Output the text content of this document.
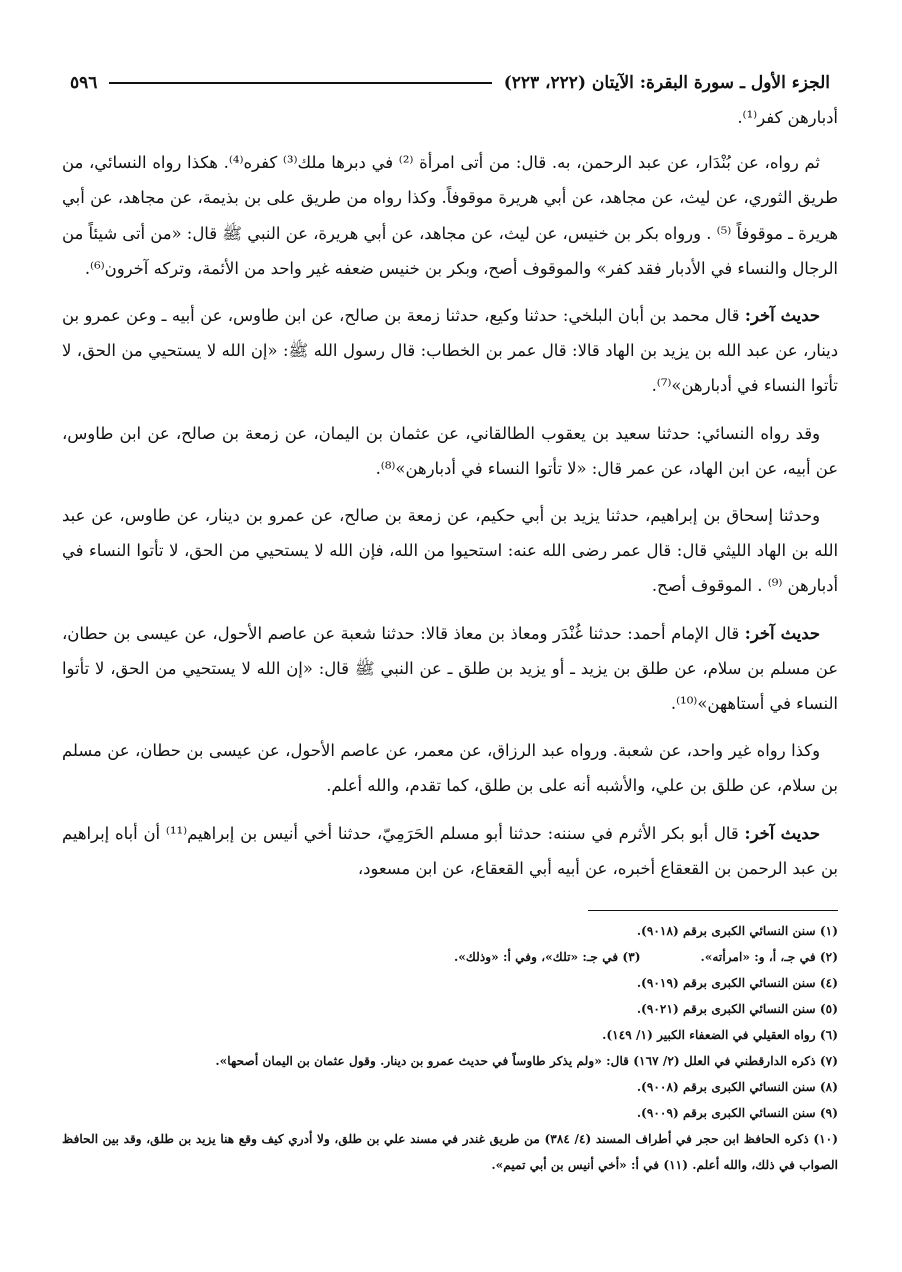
٥٩٦	الجزء الأول ـ سورة البقرة: الآيتان (٢٢٢، ٢٢٣)

أدبارهن كفر⁽¹⁾.

ثم رواه، عن بُنْدَار، عن عبد الرحمن، به. قال: من أتى امرأة ⁽²⁾ في دبرها ملك⁽³⁾ كفره⁽⁴⁾. هكذا رواه النسائي، من طريق الثوري، عن ليث، عن مجاهد، عن أبي هريرة موقوفاً. وكذا رواه من طريق على بن بذيمة، عن مجاهد، عن أبي هريرة ـ موقوفاً ⁽⁵⁾ . ورواه بكر بن خنيس، عن ليث، عن مجاهد، عن أبي هريرة، عن النبي ﷺ قال: «من أتى شيئاً من الرجال والنساء في الأدبار فقد كفر» والموقوف أصح، وبكر بن خنيس ضعفه غير واحد من الأئمة، وتركه آخرون⁽⁶⁾.

حديث آخر: قال محمد بن أبان البلخي: حدثنا وكيع، حدثنا زمعة بن صالح، عن ابن طاوس، عن أبيه ـ وعن عمرو بن دينار، عن عبد الله بن يزيد بن الهاد قالا: قال عمر بن الخطاب: قال رسول الله ﷺ: «إن الله لا يستحيي من الحق، لا تأتوا النساء في أدبارهن»⁽⁷⁾.

وقد رواه النسائي: حدثنا سعيد بن يعقوب الطالقاني، عن عثمان بن اليمان، عن زمعة بن صالح، عن ابن طاوس، عن أبيه، عن ابن الهاد، عن عمر قال: «لا تأتوا النساء في أدبارهن»⁽⁸⁾.

وحدثنا إسحاق بن إبراهيم، حدثنا يزيد بن أبي حكيم، عن زمعة بن صالح، عن عمرو بن دينار، عن طاوس، عن عبد الله بن الهاد الليثي قال: قال عمر رضى الله عنه: استحيوا من الله، فإن الله لا يستحيي من الحق، لا تأتوا النساء في أدبارهن ⁽⁹⁾ . الموقوف أصح.

حديث آخر: قال الإمام أحمد: حدثنا غُنْدَر ومعاذ بن معاذ قالا: حدثنا شعبة عن عاصم الأحول، عن عيسى بن حطان، عن مسلم بن سلام، عن طلق بن يزيد ـ أو يزيد بن طلق ـ عن النبي ﷺ قال: «إن الله لا يستحيي من الحق، لا تأتوا النساء في أستاههن»⁽¹⁰⁾.

وكذا رواه غير واحد، عن شعبة. ورواه عبد الرزاق، عن معمر، عن عاصم الأحول، عن عيسى بن حطان، عن مسلم بن سلام، عن طلق بن علي، والأشبه أنه على بن طلق، كما تقدم، والله أعلم.

حديث آخر: قال أبو بكر الأثرم في سننه: حدثنا أبو مسلم الحَرَمِيّ، حدثنا أخي أنيس بن إبراهيم⁽¹¹⁾ أن أباه إبراهيم بن عبد الرحمن بن القعقاع أخبره، عن أبيه أبي القعقاع، عن ابن مسعود،

(١) سنن النسائي الكبرى برقم (٩٠١٨).
(٢) في جـ، أ، و: «امرأته».
(٣) في جـ: «تلك»، وفي أ: «وذلك».
(٤) سنن النسائي الكبرى برقم (٩٠١٩).
(٥) سنن النسائي الكبرى برقم (٩٠٢١).
(٦) رواه العقيلي في الضعفاء الكبير (١/ ١٤٩).
(٧) ذكره الدارقطني في العلل (٢/ ١٦٧) قال: «ولم يذكر طاوساً في حديث عمرو بن دينار. وقول عثمان بن اليمان أصحها».
(٨) سنن النسائي الكبرى برقم (٩٠٠٨).
(٩) سنن النسائي الكبرى برقم (٩٠٠٩).
(١٠) ذكره الحافظ ابن حجر في أطراف المسند (٤/ ٣٨٤) من طريق غندر في مسند علي بن طلق، ولا أدري كيف وقع هنا يزيد بن طلق، وقد بين الحافظ الصواب في ذلك، والله أعلم. (١١) في أ: «أخي أنيس بن أبي تميم».
